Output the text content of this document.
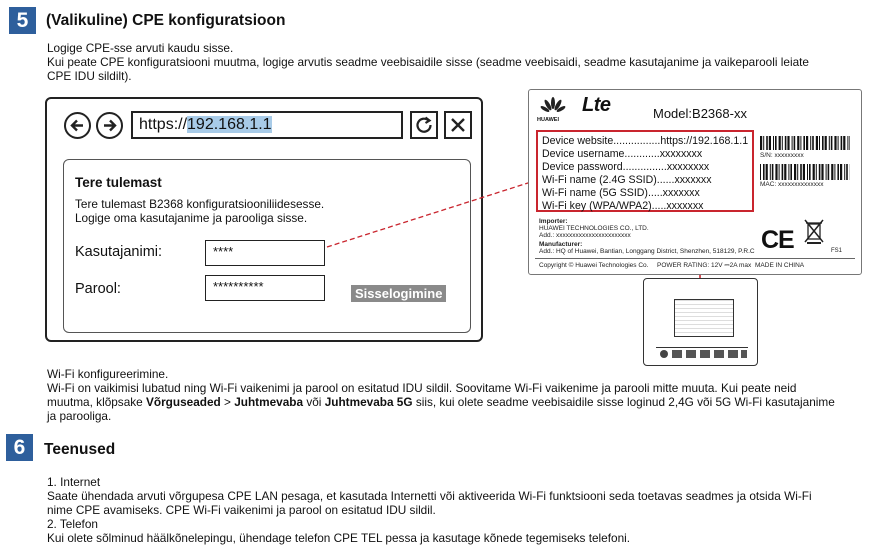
5	(Valikuline) CPE konfiguratsioon
Logige CPE-sse arvuti kaudu sisse.
Kui peate CPE konfiguratsiooni muutma, logige arvutis seadme veebisaidile sisse (seadme veebisaidi, seadme kasutajanime ja vaikeparooli leiate
CPE IDU sildilt).
https://192.168.1.1
Tere tulemast
Tere tulemast B2368 konfiguratsiooniliidesesse.
Logige oma kasutajanime ja parooliga sisse.
Kasutajanimi:	****
Parool:	**********	Sisselogimine
HUAWEI
Lte	Model:B2368-xx
Device website................https://192.168.1.1
Device username............xxxxxxxx
Device password...............xxxxxxxx
Wi-Fi name (2.4G SSID)......xxxxxxx
Wi-Fi name (5G SSID).....xxxxxxx
Wi-Fi key (WPA/WPA2).....xxxxxxx
S/N: xxxxxxxxx
MAC: xxxxxxxxxxxxxx
Importer:
HUAWEI TECHNOLOGIES CO., LTD.
Add.: xxxxxxxxxxxxxxxxxxxxxxx
Manufacturer:
Add.: HQ of Huawei, Bantian, Longgang District, Shenzhen, 518129, P.R.C CE	FS1
Copyright © Huawei Technologies Co. POWER RATING: 12V ⎓2A max MADE IN CHINA
Wi-Fi konfigureerimine.
Wi-Fi on vaikimisi lubatud ning Wi-Fi vaikenimi ja parool on esitatud IDU sildil. Soovitame Wi-Fi vaikenime ja parooli mitte muuta. Kui peate neid
muutma, klõpsake Võrguseaded > Juhtmevaba või Juhtmevaba 5G siis, kui olete seadme veebisaidile sisse loginud 2,4G või 5G Wi-Fi kasutajanime
ja parooliga.
6	Teenused
1. Internet
Saate ühendada arvuti võrgupesa CPE LAN pesaga, et kasutada Internetti või aktiveerida Wi-Fi funktsiooni seda toetavas seadmes ja otsida Wi-Fi
nime CPE avamiseks. CPE Wi-Fi vaikenimi ja parool on esitatud IDU sildil.
2. Telefon
Kui olete sõlminud häälkõnelepingu, ühendage telefon CPE TEL pessa ja kasutage kõnede tegemiseks telefoni.
